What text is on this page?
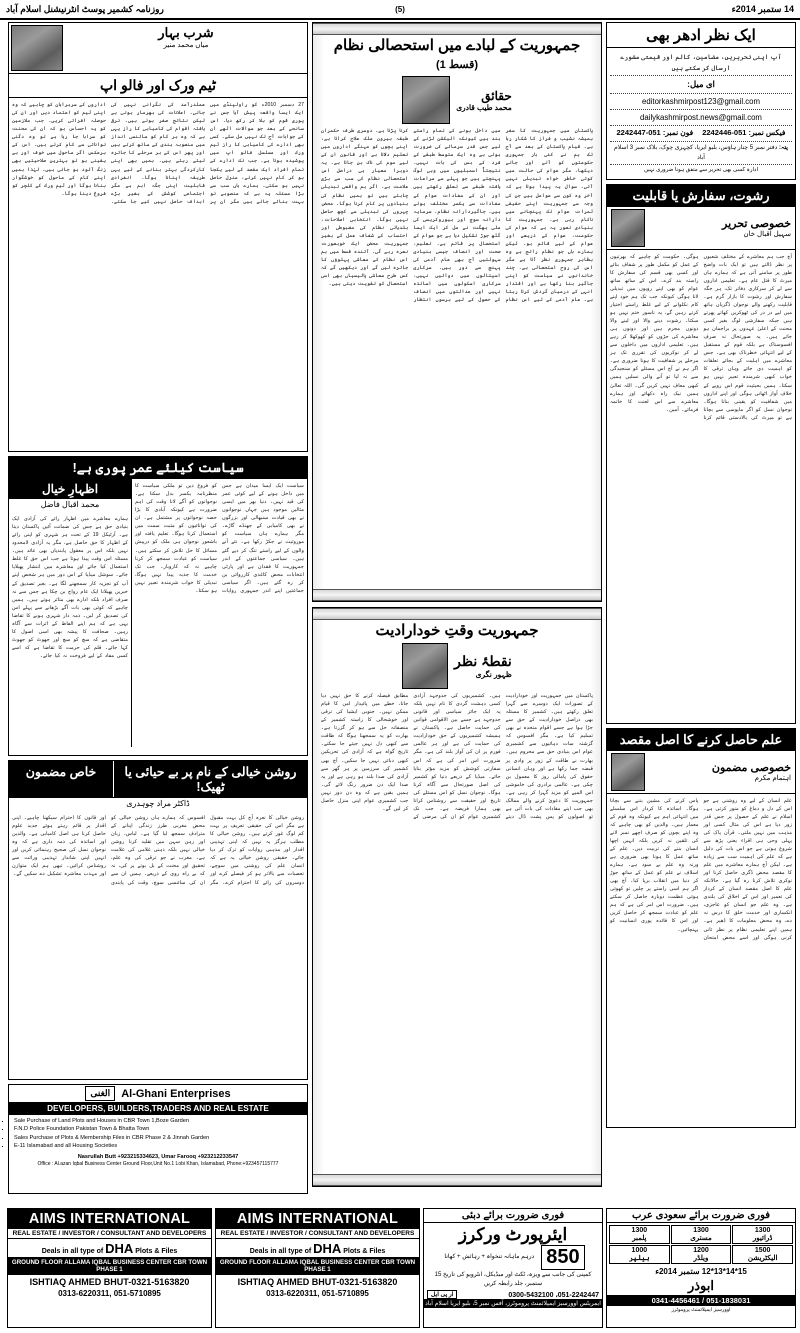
14 ستمبر 2014ء
(5)
روزنامہ کشمیر پوسٹ انٹرنیشنل اسلام آباد
ایک نظر ادھر بھی
آپ اپنی تحریریں، مضامین، کالم اور قیمتی مشورے ارسال کر سکتے ہیں
ای میل:
editorkashmirpost123@gmail.com
dailykashmirpost.news@gmail.com
فون نمبر: 051-2242447	فیکس نمبر: 051-2242446
پتہ: دفتر نمبر 5 چنار ہاؤس، بلیو ایریا، کچہری چوک، بلاک نمبر 3 اسلام آباد
ادارہ کسی بھی تحریر سے متفق ہونا ضروری نہیں
رشوت، سفارش یا قابلیت
خصوصی تحریر
سہیل اقبال خان
آج جب ہم معاشرے کے مختلف شعبوں پر نظر ڈالتے ہیں تو ایک بات واضح طور پر سامنے آتی ہے کہ ہمارے ہاں میرٹ کا قتل عام ہے۔ تعلیمی اداروں سے لے کر سرکاری دفاتر تک، ہر جگہ سفارش اور رشوت کا بازار گرم ہے۔ قابلیت رکھنے والے نوجوان ڈگریاں ہاتھ میں لیے در در کی ٹھوکریں کھاتے پھرتے ہیں جبکہ سفارشی لوگ بغیر کسی محنت کے اعلیٰ عہدوں پر براجمان ہو جاتے ہیں۔ یہ صورتحال نہ صرف افسوسناک ہے بلکہ قوم کے مستقبل کے لیے انتہائی خطرناک بھی ہے۔ جس معاشرے میں اہلیت کے بجائے تعلقات کو اہمیت دی جائے وہاں ترقی کا خواب کبھی شرمندہ تعبیر نہیں ہو سکتا۔ ہمیں بحیثیت قوم اس رویے کے خلاف آواز اٹھانی ہوگی اور اپنے اداروں میں شفافیت کو یقینی بنانا ہوگا۔ نوجوان نسل کو اگر مایوسی سے بچانا ہے تو میرٹ کی بالادستی قائم کرنا ہوگی۔ حکومت کو چاہیے کہ بھرتیوں کے عمل کو مکمل طور پر شفاف بنائے اور کسی بھی قسم کی سفارش کا راستہ بند کرے۔ اس کے ساتھ ساتھ عوام کو بھی اپنے رویوں میں تبدیلی لانا ہوگی کیونکہ جب تک ہم خود اپنے کام نکلوانے کے لیے غلط راستے اختیار کرتے رہیں گے، یہ ناسور ختم نہیں ہو سکتا۔ رشوت دینے والا اور لینے والا دونوں مجرم ہیں اور دونوں ہی معاشرے کی جڑوں کو کھوکھلا کر رہے ہیں۔ تعلیمی اداروں میں داخلوں سے لے کر نوکریوں کی تقرری تک ہر مرحلے پر شفافیت کا ہونا ضروری ہے۔ اگر ہم نے آج اس مسئلے کو سنجیدگی سے نہ لیا تو آنے والی نسلیں ہمیں کبھی معاف نہیں کریں گی۔ اللہ تعالیٰ ہمیں نیک راہ دکھائے اور ہمارے معاشرے سے اس لعنت کا خاتمہ فرمائے۔ آمین۔
علم حاصل کرنے کا اصل مقصد
خصوصی مضمون
اہتمام مکرم
علم انسان کے لیے وہ روشنی ہے جو اس کے دل و دماغ کو منور کرتی ہے۔ اسلام نے علم کے حصول پر جس قدر زور دیا ہے اس کی مثال کسی اور مذہب میں نہیں ملتی۔ قرآن پاک کی پہلی وحی ہی اقراء یعنی پڑھ سے شروع ہوتی ہے جو اس بات کی دلیل ہے کہ علم کی اہمیت سب سے زیادہ ہے۔ لیکن آج ہمارے معاشرے میں علم کا مقصد محض ڈگری حاصل کرنا اور نوکری تلاش کرنا رہ گیا ہے۔ حالانکہ علم کا اصل مقصد انسان کے کردار کی تعمیر اور اس کے اخلاق کی بلندی ہے۔ وہ علم جو انسان کو عاجزی، انکساری اور خدمت خلق کا درس نہ دے، وہ محض معلومات کا ڈھیر ہے۔ ہمیں اپنے تعلیمی نظام پر نظر ثانی کرنی ہوگی اور اسے محض امتحان پاس کرنے کی مشین بننے سے بچانا ہوگا۔ اساتذہ کا کردار اس سلسلے میں انتہائی اہم ہے کیونکہ وہ قوم کے معمار ہیں۔ والدین کو بھی چاہیے کہ وہ اپنے بچوں کو صرف اچھے نمبر لانے کی تلقین نہ کریں بلکہ انہیں اچھا انسان بننے کی تربیت دیں۔ علم کے ساتھ عمل کا ہونا بھی ضروری ہے ورنہ وہ علم بے سود ہے۔ ہمارے اسلاف نے علم کو عمل کے ساتھ جوڑ کر دنیا میں انقلاب برپا کیا۔ آج بھی اگر ہم اسی راستے پر چلیں تو کھوئی ہوئی عظمت دوبارہ حاصل کر سکتے ہیں۔ ضرورت اس امر کی ہے کہ ہم علم کو عبادت سمجھ کر حاصل کریں اور اس کا فائدہ پوری انسانیت کو پہنچائیں۔
جمہوریت کے لبادے میں استحصالی نظام (قسط 1)
حقائق
محمد طیب قادری
پاکستان میں جمہوریت کا سفر ہمیشہ نشیب و فراز کا شکار رہا ہے۔ قیام پاکستان کے بعد سے آج تک ہم نے کئی بار جمہوری حکومتوں کو آتے اور جاتے دیکھا، مگر عوام کی حالت میں کوئی خاطر خواہ تبدیلی نہیں آئی۔ سوال یہ پیدا ہوتا ہے کہ آخر وہ کون سے عوامل ہیں جن کی وجہ سے جمہوریت اپنے حقیقی ثمرات عوام تک پہنچانے میں ناکام رہی ہے۔ جمہوریت کا بنیادی تصور یہ ہے کہ عوام کی حکومت، عوام کے ذریعے اور عوام کے لیے قائم ہو۔ لیکن ہمارے ہاں جو نظام رائج ہے وہ بظاہر جمہوری نظر آتا ہے مگر اس کی روح استحصالی ہے۔ چند خاندانوں نے سیاست کو اپنی جاگیر بنا رکھا ہے اور اقتدار انہی کے درمیان گردش کرتا رہتا ہے۔ عام آدمی کے لیے اس نظام میں داخل ہونے کے تمام راستے بند ہیں کیونکہ الیکشن لڑنے کے لیے جس قدر سرمائے کی ضرورت ہوتی ہے وہ ایک متوسط طبقے کے فرد کے بس کی بات نہیں۔ نتیجتاً اسمبلیوں میں وہی لوگ پہنچتے ہیں جو پہلے سے مراعات یافتہ طبقے سے تعلق رکھتے ہیں اور ان کے مفادات عوام کے مفادات سے یکسر مختلف ہوتے ہیں۔ جاگیردارانہ نظام، سرمایہ دارانہ سوچ اور بیوروکریسی کی ملی بھگت نے مل کر ایک ایسا گٹھ جوڑ تشکیل دیا ہے جو عوام کے استحصال پر قائم ہے۔ تعلیم، صحت اور انصاف جیسی بنیادی سہولتیں آج بھی عام آدمی کی پہنچ سے دور ہیں۔ سرکاری اسپتالوں میں دوائیں نہیں، سرکاری اسکولوں میں اساتذہ نہیں اور عدالتوں میں انصاف کے حصول کے لیے برسوں انتظار کرنا پڑتا ہے۔ دوسری طرف حکمران طبقہ بیرون ملک علاج کراتا ہے، اپنے بچوں کو مہنگے اداروں میں تعلیم دلاتا ہے اور قانون ان کے لیے موم کی ناک بن جاتا ہے۔ یہ دوہرا معیار ہی دراصل اس استحصالی نظام کی سب سے بڑی علامت ہے۔ اگر ہم واقعی تبدیلی چاہتے ہیں تو ہمیں نظام کی بنیادوں پر کام کرنا ہوگا۔ محض چہروں کی تبدیلی سے کچھ حاصل نہیں ہوگا۔ انتخابی اصلاحات، بلدیاتی نظام کی مضبوطی اور احتساب کے شفاف عمل کے بغیر جمہوریت محض ایک خوبصورت نعرہ رہے گی۔ آئندہ قسط میں ہم اس نظام کے معاشی پہلوؤں کا جائزہ لیں گے اور دیکھیں گے کہ کس طرح معاشی پالیسیاں بھی اسی استحصال کو تقویت دیتی ہیں۔
جمہوریت وقتِ خودارادیت
نقطۂ نظر
ظہور نگری
پاکستان میں جمہوریت اور خودارادیت کے تصورات ایک دوسرے سے گہرا تعلق رکھتے ہیں۔ کشمیر کا مسئلہ بھی دراصل خودارادیت کے حق سے جڑا ہوا ہے جسے اقوام متحدہ نے بھی تسلیم کیا ہے۔ مگر افسوس کہ گزشتہ سات دہائیوں سے کشمیری عوام اس بنیادی حق سے محروم ہیں۔ بھارت نے طاقت کے زور پر وادی پر قبضہ جما رکھا ہے اور وہاں انسانی حقوق کی پامالی روز کا معمول بن چکی ہے۔ عالمی برادری کی خاموشی اس المیے کو مزید گہرا کر رہی ہے۔ جمہوریت کا دعویٰ کرنے والے ممالک بھی جب اپنے مفادات کی بات آتی ہے تو اصولوں کو پس پشت ڈال دیتے ہیں۔ کشمیریوں کی جدوجہد آزادی کسی دہشت گردی کا نام نہیں بلکہ یہ ایک جائز سیاسی اور قانونی جدوجہد ہے جسے بین الاقوامی قوانین کی حمایت حاصل ہے۔ پاکستان نے ہمیشہ کشمیریوں کے حق خودارادیت کی حمایت کی ہے اور ہر عالمی فورم پر ان کی آواز بلند کی ہے۔ مگر ضرورت اس امر کی ہے کہ اس سفارتی کوشش کو مزید مؤثر بنایا جائے۔ میڈیا کے ذریعے دنیا کو کشمیر کی اصل صورتحال سے آگاہ کرنا ہوگا۔ نوجوان نسل کو اس مسئلے کی تاریخ اور حقیقت سے روشناس کرانا بھی ہمارا فریضہ ہے۔ جب تک کشمیری عوام کو ان کی مرضی کے مطابق فیصلہ کرنے کا حق نہیں دیا جاتا، خطے میں پائیدار امن کا قیام ممکن نہیں۔ جنوبی ایشیا کی ترقی اور خوشحالی کا راستہ کشمیر کے منصفانہ حل سے ہو کر گزرتا ہے۔ بھارت کو یہ سمجھنا ہوگا کہ طاقت سے کبھی دل نہیں جیتے جا سکتے۔ تاریخ گواہ ہے کہ آزادی کی تحریکیں کبھی دبائی نہیں جا سکیں۔ آج بھی کشمیر کی سرزمین پر ہر گھر سے آزادی کی صدا بلند ہو رہی ہے اور یہ صدا ایک دن ضرور رنگ لائے گی۔ ہمیں یقین ہے کہ وہ دن دور نہیں جب کشمیری عوام اپنی منزل حاصل کر لیں گے۔
شرب بہار
میاں محمد منیر
ٹیم ورک اور فالو اپ
27 دسمبر 2010ء کو راولپنڈی میں ایک ایسا واقعہ پیش آیا جس نے پوری قوم کو ہلا کر رکھ دیا۔ اس سانحے کے بعد جو سوالات اٹھے ان کے جوابات آج تک نہیں مل سکے۔ کسی بھی ادارے کی کامیابی کا راز ٹیم ورک اور مسلسل فالو اپ میں پوشیدہ ہوتا ہے۔ جب تک ادارے کے تمام افراد ایک مقصد کے لیے یکجا ہو کر کام نہیں کرتے، منزل حاصل نہیں ہو سکتی۔ ہمارے ہاں سب سے بڑا مسئلہ یہ ہے کہ منصوبے تو بہت بنائے جاتے ہیں مگر ان پر عملدرآمد کی نگرانی نہیں کی جاتی۔ اعلانات کی بھرمار ہوتی ہے لیکن نتائج صفر ہوتے ہیں۔ ترقی یافتہ اقوام کی کامیابی کا راز یہی ہے کہ وہ ہر کام کو سائنسی انداز میں منصوبہ بندی کے ساتھ کرتے ہیں اور پھر اس کے ہر مرحلے کا جائزہ لیتے رہتے ہیں۔ ہمیں بھی اپنی کارکردگی بہتر بنانے کے لیے یہی طریقہ اپنانا ہوگا۔ انفرادی قابلیت اپنی جگہ اہم ہے مگر اجتماعی کوشش کے بغیر بڑے اہداف حاصل نہیں کیے جا سکتے۔ اداروں کے سربراہان کو چاہیے کہ وہ اپنی ٹیم کو اعتماد دیں اور ان کی حوصلہ افزائی کریں۔ جب ملازمین کو یہ احساس ہو کہ ان کی محنت کو سراہا جا رہا ہے تو وہ دگنی توانائی سے کام کرتے ہیں۔ اس کے برعکس اگر ماحول میں خوف اور بے یقینی ہو تو بہترین صلاحیتیں بھی زنگ آلود ہو جاتی ہیں۔ لہٰذا ہمیں اپنے کام کے ماحول کو خوشگوار بنانا ہوگا اور ٹیم ورک کے کلچر کو فروغ دینا ہوگا۔
سیاست کیلئے عمر پوری ہے!
سیاست ایک ایسا میدان ہے جس میں داخل ہونے کے لیے کوئی عمر کی قید نہیں۔ دنیا بھر میں ایسی مثالیں موجود ہیں جہاں نوجوانوں نے بھی قیادت سنبھالی اور بزرگوں نے بھی کامیابی کے جھنڈے گاڑے۔ مگر ہمارے ہاں سیاست کو موروثیت نے جکڑ رکھا ہے۔ نئے آنے والوں کے لیے راستے تنگ کر دیے گئے ہیں۔ سیاسی جماعتوں کے اندر جمہوریت کا فقدان ہے اور پارٹی انتخابات محض کاغذی کارروائی بن کر رہ گئے ہیں۔ اگر سیاسی جماعتیں اپنے اندر جمہوری روایات کو فروغ دیں تو ملکی سیاست کا منظرنامہ یکسر بدل سکتا ہے۔ نوجوانوں کو آگے لانا وقت کی اہم ضرورت ہے کیونکہ آبادی کا بڑا حصہ نوجوانوں پر مشتمل ہے۔ ان کی توانائیوں کو مثبت سمت میں استعمال کرنا ہوگا۔ تعلیم یافتہ اور باشعور نوجوان ہی ملک کو درپیش مسائل کا حل تلاش کر سکتے ہیں۔ سیاست کو عبادت سمجھ کر کرنا چاہیے نہ کہ کاروبار۔ جب تک خدمت کا جذبہ پیدا نہیں ہوگا، تبدیلی کا خواب شرمندہ تعبیر نہیں ہو سکتا۔
اظہارِ خیال
محمد اقبال فاضل
ہمارے معاشرے میں اظہار رائے کی آزادی ایک بنیادی حق ہے جس کی ضمانت آئین پاکستان دیتا ہے۔ آرٹیکل 19 کے تحت ہر شہری کو اپنی رائے کے اظہار کا حق حاصل ہے، مگر یہ آزادی لامحدود نہیں بلکہ اس پر معقول پابندیاں بھی عائد ہیں۔ مسئلہ اس وقت پیدا ہوتا ہے جب اس حق کا غلط استعمال کیا جائے اور معاشرے میں انتشار پھیلایا جائے۔ سوشل میڈیا کے اس دور میں ہر شخص اپنے آپ کو تجزیہ کار سمجھنے لگا ہے۔ بغیر تصدیق کے خبریں پھیلانا ایک عام رواج بن چکا ہے جس سے نہ صرف افراد بلکہ ادارے بھی متاثر ہوتے ہیں۔ ہمیں چاہیے کہ کوئی بھی بات آگے بڑھانے سے پہلے اس کی تصدیق کر لیں۔ ذمہ دار شہری ہونے کا تقاضا یہی ہے کہ ہم اپنے الفاظ کے اثرات سے آگاہ رہیں۔ صحافت کا پیشہ بھی اسی اصول کا متقاضی ہے کہ سچ کو سچ اور جھوٹ کو جھوٹ کہا جائے۔ قلم کی حرمت کا تقاضا ہے کہ اسے کسی مفاد کے لیے فروخت نہ کیا جائے۔
روشن خیالی کے نام پر بے حیائی یا ٹھیک!
خاص مضمون
ڈاکٹر مراد چوہدری
روشن خیالی کا نعرہ آج کل بہت مقبول ہے مگر اس کی حقیقی تعریف پر بہت کم لوگ غور کرتے ہیں۔ روشن خیالی کا مطلب ہرگز یہ نہیں کہ اپنی تہذیبی اقدار اور مذہبی روایات کو ترک کر دیا جائے۔ حقیقی روشن خیالی یہ ہے کہ انسان علم کی روشنی میں سوچے، تعصبات سے بالاتر ہو کر فیصلے کرے اور دوسروں کی رائے کا احترام کرے۔ مگر افسوس کہ ہمارے ہاں روشن خیالی کو محض مغربی طرز زندگی اپنانے کے مترادف سمجھ لیا گیا ہے۔ لباس، زبان اور رہن سہن میں تقلید کرنا روشن خیالی نہیں بلکہ ذہنی غلامی کی علامت ہے۔ مغرب نے جو ترقی کی وہ علم، تحقیق اور محنت کے بل بوتے پر کی، نہ کہ بے راہ روی کے ذریعے۔ ہمیں ان سے ان کی سائنسی سوچ، وقت کی پابندی اور قانون کا احترام سیکھنا چاہیے۔ اپنی اقدار پر قائم رہتے ہوئے جدید علوم حاصل کرنا ہی اصل کامیابی ہے۔ والدین اور اساتذہ کی ذمہ داری ہے کہ وہ نوجوان نسل کی صحیح رہنمائی کریں اور انہیں اپنی شاندار تہذیبی وراثت سے روشناس کرائیں۔ تبھی ہم ایک متوازن اور مہذب معاشرہ تشکیل دے سکیں گے۔
الغنی	Al-Ghani Enterprises
DEVELOPERS, BUILDERS,TRADERS AND REAL ESTATE
▪ Sale Purchase of Land Plots and Houses in CBR Town 1,Boze Garden
▪ F.N.D Police Foundation Pakistan Town & Bhatta Town
▪ Sales Purchase of Plots & Membership Files in CBR Phase 2 & Jinnah Garden
▪ E-11 Islamabad and all Housing Societies
Nasrullah Butt +923215334623, Umar Farooq +923212233547
Office : Al.azan Iqbal Business Center Ground Floor,Unit No.1 Lobi Khan, Islamabad, Phone:+923457115777
فوری ضرورت برائے سعودی عرب
1300
ڈرائیور
1300
مستری
1300
پلمبر
1500
الیکٹریشن
1200
ویلڈر
1000
ہیلپر
15*14*13*12 ستمبر 2014ء
ابوذر
0341-4456461 / 051-1838031
اوورسیز ایمپلائمنٹ پروموٹرز
فوری ضرورت برائے دبئی
ایئرپورٹ ورکرز
850
درہم ماہانہ تنخواہ + رہائش + کھانا
کمپنی کی جانب سے ویزہ، ٹکٹ اور میڈیکل، انٹرویو کی تاریخ 15 ستمبر، جلد رابطہ کریں
051-2242447، 0300-5432100
آر پی ایل
ایمریٹس اوورسیز ایمپلائمنٹ پروموٹرز، آفس نمبر 5، بلیو ایریا اسلام آباد
AIMS INTERNATIONAL
REAL ESTATE / INVESTOR / CONSULTANT AND DEVELOPERS
Deals in all type of DHA Plots & Files
GROUND FLOOR ALLAMA IQBAL BUSINESS CENTER CBR TOWN PHASE 1
ISHTIAQ AHMED BHUT-0321-5163820
0313-6220311, 051-5710895
AIMS INTERNATIONAL
REAL ESTATE / INVESTOR / CONSULTANT AND DEVELOPERS
Deals in all type of DHA Plots & Files
GROUND FLOOR ALLAMA IQBAL BUSINESS CENTER CBR TOWN PHASE 1
ISHTIAQ AHMED BHUT-0321-5163820
0313-6220311, 051-5710895
